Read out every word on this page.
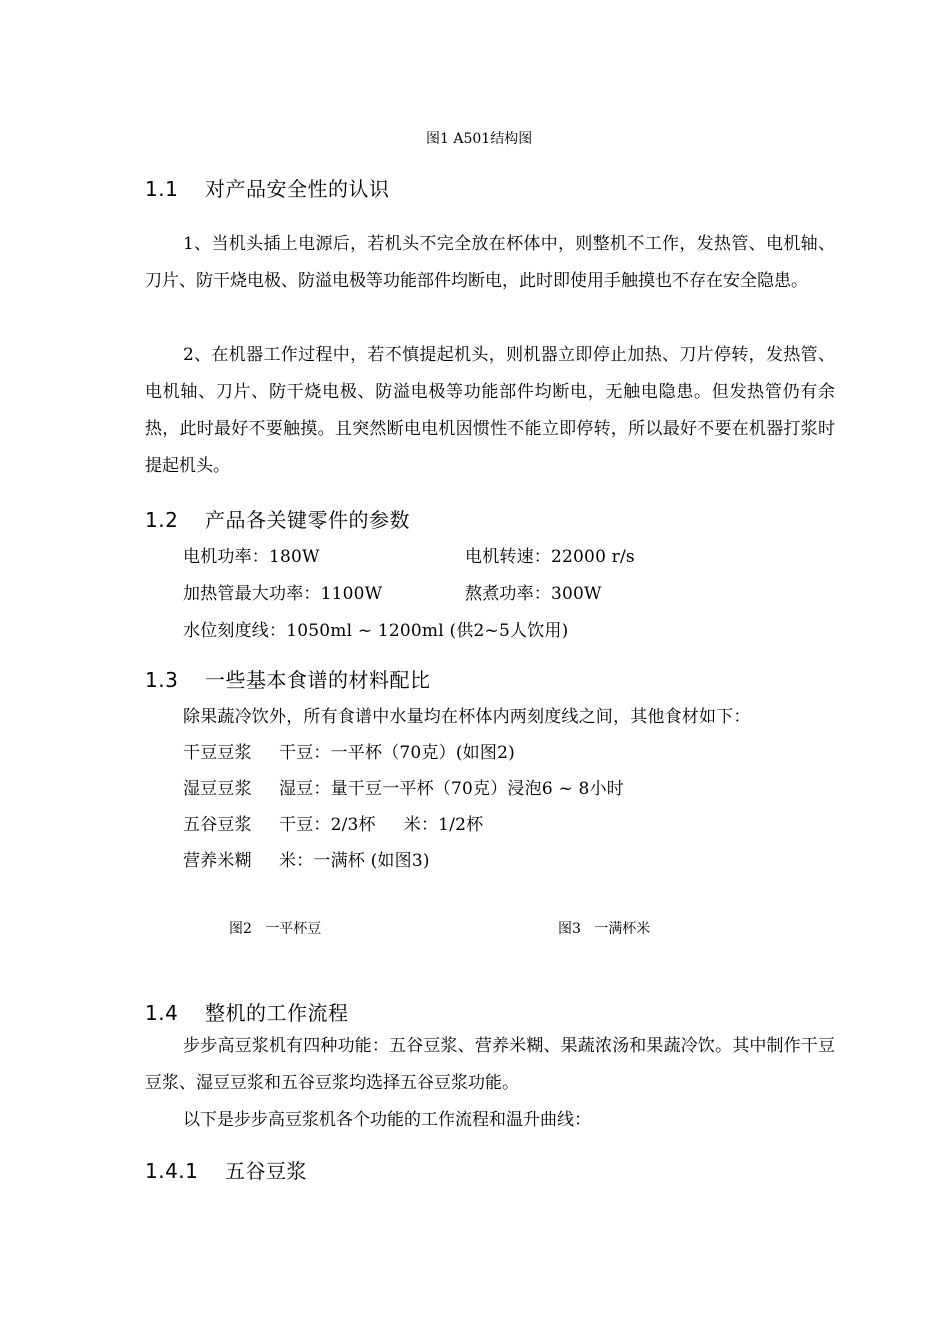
图1 A501结构图
1.1 对产品安全性的认识
1、当机头插上电源后，若机头不完全放在杯体中，则整机不工作，发热管、电机轴、刀片、防干烧电极、防溢电极等功能部件均断电，此时即使用手触摸也不存在安全隐患。
2、在机器工作过程中，若不慎提起机头，则机器立即停止加热、刀片停转，发热管、电机轴、刀片、防干烧电极、防溢电极等功能部件均断电，无触电隐患。但发热管仍有余热，此时最好不要触摸。且突然断电电机因惯性不能立即停转，所以最好不要在机器打浆时提起机头。
1.2 产品各关键零件的参数
电机功率：180W	电机转速：22000 r/s
加热管最大功率：1100W	熬煮功率：300W
水位刻度线：1050ml ~ 1200ml (供2~5人饮用)
1.3 一些基本食谱的材料配比
除果蔬冷饮外，所有食谱中水量均在杯体内两刻度线之间，其他食材如下：
干豆豆浆 干豆：一平杯（70克）(如图2)
湿豆豆浆 湿豆：量干豆一平杯（70克）浸泡6 ~ 8小时
五谷豆浆 干豆：2/3杯     米：1/2杯
营养米糊 米：一满杯 (如图3)
图2   一平杯豆	图3   一满杯米
1.4 整机的工作流程
步步高豆浆机有四种功能：五谷豆浆、营养米糊、果蔬浓汤和果蔬冷饮。其中制作干豆豆浆、湿豆豆浆和五谷豆浆均选择五谷豆浆功能。
以下是步步高豆浆机各个功能的工作流程和温升曲线：
1.4.1 五谷豆浆
